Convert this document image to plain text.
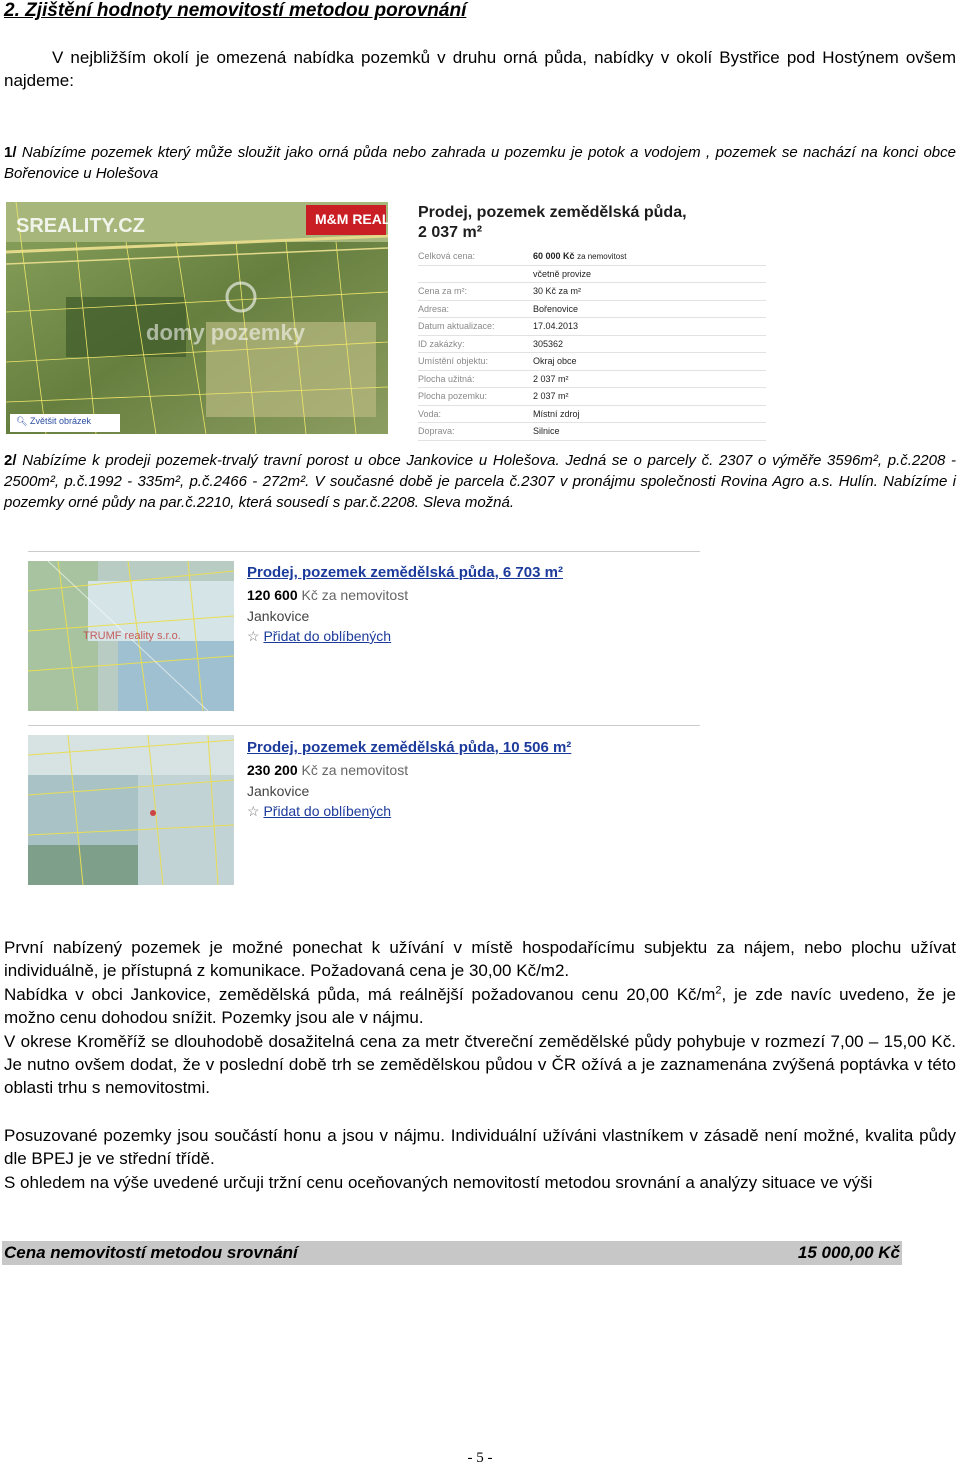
2. Zjištění hodnoty nemovitostí metodou porovnání
V nejbližším okolí je omezená nabídka pozemků v druhu orná půda, nabídky v okolí Bystřice pod Hostýnem ovšem najdeme:
1/ Nabízíme pozemek který může sloužit jako orná půda nebo zahrada u pozemku je potok a vodojem , pozemek se nachází na konci obce Bořenovice u Holešova
M&M REALITY
SREALITY.CZ
domy pozemky
🔍︎ Zvětšit obrázek
Prodej, pozemek zemědělská půda,
2 037 m²
Celková cena:	60 000 Kč za nemovitost
	včetně provize
Cena za m²:	30 Kč za m²
Adresa:	Bořenovice
Datum aktualizace:	17.04.2013
ID zakázky:	305362
Umístění objektu:	Okraj obce
Plocha užitná:	2 037 m²
Plocha pozemku:	2 037 m²
Voda:	Místní zdroj
Doprava:	Silnice
2/ Nabízíme k prodeji pozemek-trvalý travní porost u obce Jankovice u Holešova. Jedná se o parcely č. 2307 o výměře 3596m², p.č.2208 - 2500m², p.č.1992 - 335m², p.č.2466 - 272m². V současné době je parcela č.2307 v pronájmu společnosti Rovina Agro a.s. Hulín. Nabízíme i pozemky orné půdy na par.č.2210, která sousedí s par.č.2208. Sleva možná.
TRUMF reality s.r.o.
Prodej, pozemek zemědělská půda, 6 703 m²
120 600 Kč za nemovitost
Jankovice
☆ Přidat do oblíbených
Prodej, pozemek zemědělská půda, 10 506 m²
230 200 Kč za nemovitost
Jankovice
☆ Přidat do oblíbených
První nabízený pozemek je možné ponechat k užívání v místě hospodařícímu subjektu za nájem, nebo plochu užívat individuálně, je přístupná z komunikace. Požadovaná cena je 30,00 Kč/m2.
Nabídka v obci Jankovice, zemědělská půda, má reálnější požadovanou cenu 20,00 $Kč/m^2$, je zde navíc uvedeno, že je možno cenu dohodou snížit. Pozemky jsou ale v nájmu.
V okrese Kroměříž se dlouhodobě dosažitelná cena za metr čtvereční zemědělské půdy pohybuje v rozmezí 7,00 – 15,00 Kč. Je nutno ovšem dodat, že v poslední době trh se zemědělskou půdou v ČR ožívá a je zaznamenána zvýšená poptávka v této oblasti trhu s nemovitostmi.
Posuzované pozemky jsou součástí honu a jsou v nájmu. Individuální užíváni vlastníkem v zásadě není možné, kvalita půdy dle BPEJ je ve střední třídě.
S ohledem na výše uvedené určuji tržní cenu oceňovaných nemovitostí metodou srovnání a analýzy situace ve výši
Cena nemovitostí metodou srovnání	15 000,00 Kč
- 5 -
